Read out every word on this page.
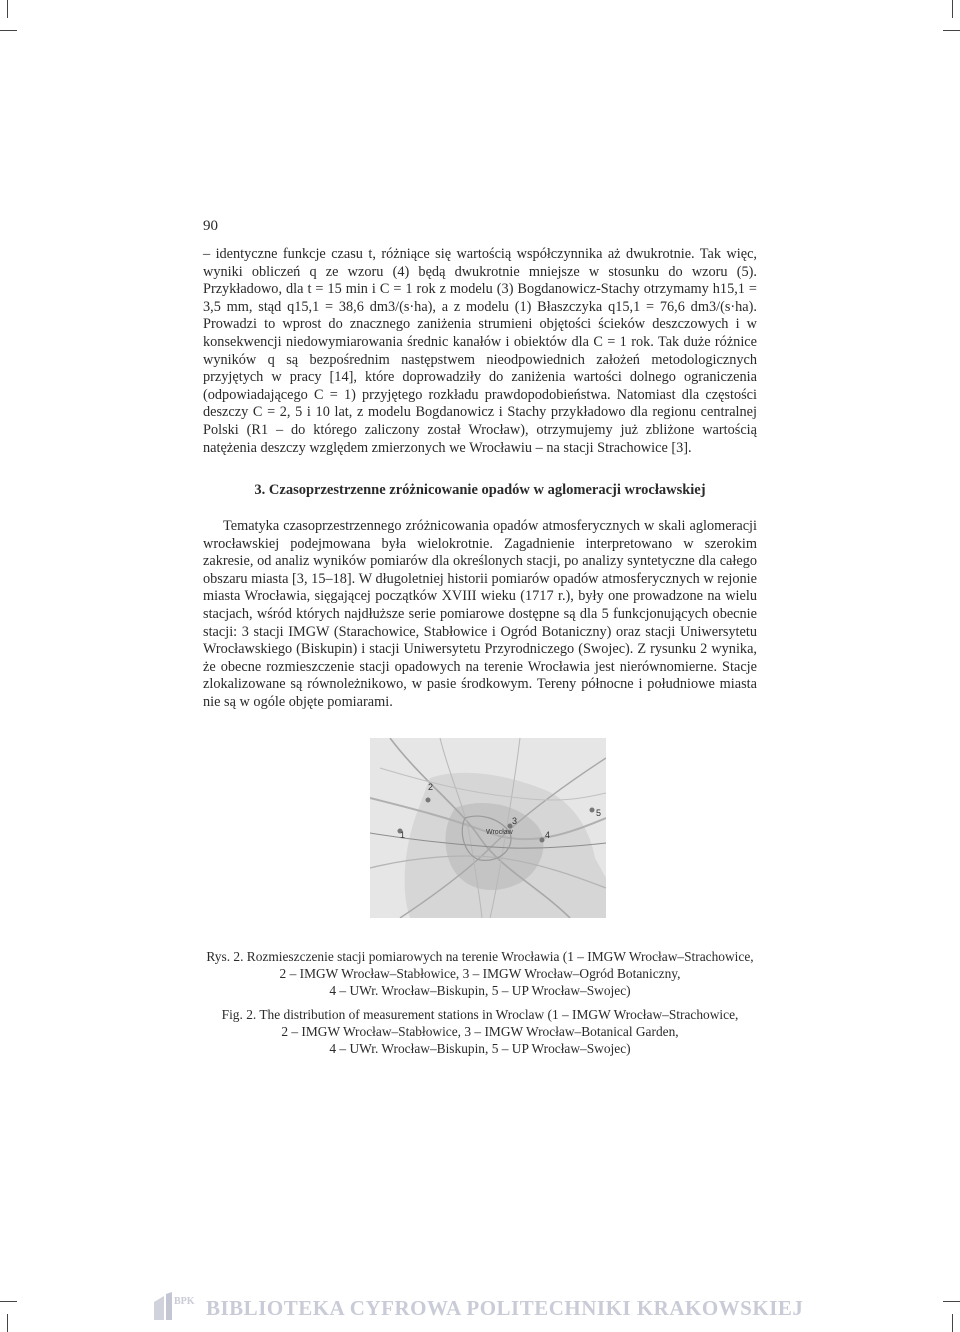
90

– identyczne funkcje czasu t, różniące się wartością współczynnika aż dwukrotnie. Tak więc, wyniki obliczeń q ze wzoru (4) będą dwukrotnie mniejsze w stosunku do wzoru (5). Przykładowo, dla t = 15 min i C = 1 rok z modelu (3) Bogdanowicz-Stachy otrzymamy h15,1 = 3,5 mm, stąd q15,1 = 38,6 dm3/(s·ha), a z modelu (1) Błaszczyka q15,1 = 76,6 dm3/(s·ha). Prowadzi to wprost do znacznego zaniżenia strumieni objętości ścieków deszczowych i w konsekwencji niedowymiarowania średnic kanałów i obiektów dla C = 1 rok. Tak duże różnice wyników q są bezpośrednim następstwem nieodpowiednich założeń metodologicznych przyjętych w pracy [14], które doprowadziły do zaniżenia wartości dolnego ograniczenia (odpowiadającego C = 1) przyjętego rozkładu prawdopodobieństwa. Natomiast dla częstości deszczy C = 2, 5 i 10 lat, z modelu Bogdanowicz i Stachy przykładowo dla regionu centralnej Polski (R1 – do którego zaliczony został Wrocław), otrzymujemy już zbliżone wartością natężenia deszczy względem zmierzonych we Wrocławiu – na stacji Strachowice [3].

3. Czasoprzestrzenne zróżnicowanie opadów w aglomeracji wrocławskiej

Tematyka czasoprzestrzennego zróżnicowania opadów atmosferycznych w skali aglomeracji wrocławskiej podejmowana była wielokrotnie. Zagadnienie interpretowano w szerokim zakresie, od analiz wyników pomiarów dla określonych stacji, po analizy syntetyczne dla całego obszaru miasta [3, 15–18]. W długoletniej historii pomiarów opadów atmosferycznych w rejonie miasta Wrocławia, sięgającej początków XVIII wieku (1717 r.), były one prowadzone na wielu stacjach, wśród których najdłuższe serie pomiarowe dostępne są dla 5 funkcjonujących obecnie stacji: 3 stacji IMGW (Starachowice, Stabłowice i Ogród Botaniczny) oraz stacji Uniwersytetu Wrocławskiego (Biskupin) i stacji Uniwersytetu Przyrodniczego (Swojec). Z rysunku 2 wynika, że obecne rozmieszczenie stacji opadowych na terenie Wrocławia jest nierównomierne. Stacje zlokalizowane są równoleżnikowo, w pasie środkowym. Tereny północne i południowe miasta nie są w ogóle objęte pomiarami.

Wrocław
1
2
3
4
5
Rys. 2. Rozmieszczenie stacji pomiarowych na terenie Wrocławia (1 – IMGW Wrocław–Strachowice,
2 – IMGW Wrocław–Stabłowice, 3 – IMGW Wrocław–Ogród Botaniczny,
4 – UWr. Wrocław–Biskupin, 5 – UP Wrocław–Swojec)
Fig. 2. The distribution of measurement stations in Wroclaw (1 – IMGW Wrocław–Strachowice,
2 – IMGW Wrocław–Stabłowice, 3 – IMGW Wrocław–Botanical Garden,
4 – UWr. Wrocław–Biskupin, 5 – UP Wrocław–Swojec)
BPK BIBLIOTEKA CYFROWA POLITECHNIKI KRAKOWSKIEJ
